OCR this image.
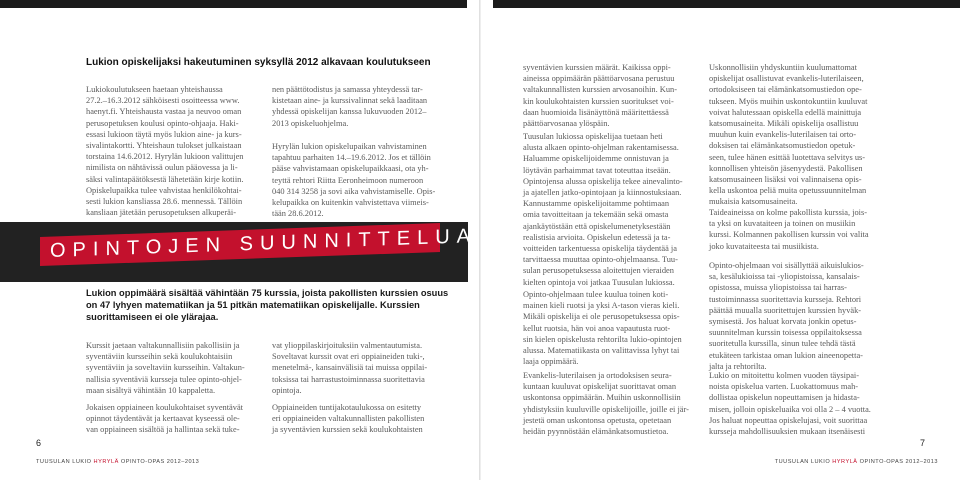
Lukion opiskelijaksi hakeutuminen syksyllä 2012 alkavaan koulutukseen
Lukiokoulutukseen haetaan yhteishaussa
27.2.–16.3.2012 sähköisesti osoitteessa www.
haenyt.fi. Yhteishausta vastaa ja neuvoo oman
perusopetuksen koulusi opinto-ohjaaja. Haki-
essasi lukioon täytä myös lukion aine- ja kurs-
sivalintakortti. Yhteishaun tulokset julkaistaan
torstaina 14.6.2012. Hyrylän lukioon valittujen
nimilista on nähtävissä oulun pääovessa ja li-
säksi valintapäätöksestä lähetetään kirje kotiin.
Opiskelupaikka tulee vahvistaa henkilökohtai-
sesti lukion kansliassa 28.6. mennessä. Tällöin
kansliaan jätetään perusopetuksen alkuperäi-
nen päättötodistus ja samassa yhteydessä tar-
kistetaan aine- ja kurssivalinnat sekä laaditaan
yhdessä opiskelijan kanssa lukuvuoden 2012–
2013 opiskeluohjelma.
Hyrylän lukion opiskelupaikan vahvistaminen
tapahtuu parhaiten 14.–19.6.2012. Jos et tällöin
pääse vahvistamaan opiskelupaikkaasi, ota yh-
teyttä rehtori Riitta Eeronheimoon numeroon
040 314 3258 ja sovi aika vahvistamiselle. Opis-
kelupaikka on kuitenkin vahvistettava viimeis-
tään 28.6.2012.
OPINTOJEN SUUNNITTELUA
Lukion oppimäärä sisältää vähintään 75 kurssia, joista pakollisten kurssien osuus
on 47 lyhyen matematiikan ja 51 pitkän matematiikan opiskelijalle. Kurssien
suorittamiseen ei ole ylärajaa.
Kurssit jaetaan valtakunnallisiin pakollisiin ja
syventäviin kursseihin sekä koulukohtaisiin
syventäviin ja soveltaviin kursseihin. Valtakun-
nallisia syventäviä kursseja tulee opinto-ohjel-
maan sisältyä vähintään 10 kappaletta.
Jokaisen oppiaineen koulukohtaiset syventävät
opinnot täydentävät ja kertaavat kyseessä ole-
van oppiaineen sisältöä ja hallintaa sekä tuke-
vat ylioppilaskirjoituksiin valmentautumista.
Soveltavat kurssit ovat eri oppiaineiden tuki-,
menetelmä-, kansainvälisiä tai muissa oppilai-
toksissa tai harrastustoiminnassa suoritettavia
opintoja.
Oppiaineiden tuntijakotaulukossa on esitetty
eri oppiaineiden valtakunnallisten pakollisten
ja syventävien kurssien sekä koulukohtaisten
6
TUUSULAN LUKIO HYRYLÄ OPINTO-OPAS 2012–2013
syventävien kurssien määrät. Kaikissa oppi-
aineissa oppimäärän päättöarvosana perustuu
valtakunnallisten kurssien arvosanoihin. Kun-
kin koulukohtaisten kurssien suoritukset voi-
daan huomioida lisänäyttönä määritettäessä
päättöarvosanaa ylöspäin.
Tuusulan lukiossa opiskelijaa tuetaan heti
alusta alkaen opinto-ohjelman rakentamisessa.
Haluamme opiskelijoidemme onnistuvan ja
löytävän parhaimmat tavat toteuttaa itseään.
Opintojensa alussa opiskelija tekee ainevalinto-
ja ajatellen jatko-opintojaan ja kiinnostuksiaan.
Kannustamme opiskelijoitamme pohtimaan
omia tavoitteitaan ja tekemään sekä omasta
ajankäytöstään että opiskelumenetyksestään
realistisia arvioita. Opiskelun edetessä ja ta-
voitteiden tarkentuessa opiskelija täydentää ja
tarvittaessa muuttaa opinto-ohjelmaansa. Tuu-
sulan perusopetuksessa aloitettujen vieraiden
kielten opintoja voi jatkaa Tuusulan lukiossa.
Opinto-ohjelmaan tulee kuulua toinen koti-
mainen kieli ruotsi ja yksi A-tason vieras kieli.
Mikäli opiskelija ei ole perusopetuksessa opis-
kellut ruotsia, hän voi anoa vapautusta ruot-
sin kielen opiskelusta rehtorilta lukio-opintojen
alussa. Matematiikasta on valittavissa lyhyt tai
laaja oppimäärä.
Evankelis-luterilaisen ja ortodoksisen seura-
kuntaan kuuluvat opiskelijat suorittavat oman
uskontonsa oppimäärän. Muihin uskonnollisiin
yhdistyksiin kuuluville opiskelijoille, joille ei jär-
jestetä oman uskontonsa opetusta, opetetaan
heidän pyynnöstään elämänkatsomustietoa.
Uskonnollisiin yhdyskuntiin kuulumattomat
opiskelijat osallistuvat evankelis-luterilaiseen,
ortodoksiseen tai elämänkatsomustiedon ope-
tukseen. Myös muihin uskontokuntiin kuuluvat
voivat halutessaan opiskella edellä mainittuja
katsomusaineita. Mikäli opiskelija osallistuu
muuhun kuin evankelis-luterilaisen tai orto-
doksisen tai elämänkatsomustiedon opetuk-
seen, tulee hänen esittää luotettava selvitys us-
konnollisen yhteisön jäsenyydestä. Pakollisen
katsomusaineen lisäksi voi valinnaisena opis-
kella uskontoa peliä muita opetussuunnitelman
mukaisia katsomusaineita.
Taideaineissa on kolme pakollista kurssia, jois-
ta yksi on kuvataiteen ja toinen on musiikin
kurssi. Kolmannen pakollisen kurssin voi valita
joko kuvataiteesta tai musiikista.
Opinto-ohjelmaan voi sisällyttää aikuislukios-
sa, kesälukioissa tai -yliopistoissa, kansalais-
opistossa, muissa yliopistoissa tai harras-
tustoiminnassa suoritettavia kursseja. Rehtori
päättää muualla suoritettujen kurssien hyväk-
symisestä. Jos haluat korvata jonkin opetus-
suunnitelman kurssin toisessa oppilaitoksessa
suoritetulla kurssilla, sinun tulee tehdä tästä
etukäteen tarkistaa oman lukion aineenopetta-
jalta ja rehtorilta.
Lukio on mitoitettu kolmen vuoden täysipai-
noista opiskelua varten. Luokattomuus mah-
dollistaa opiskelun nopeuttamisen ja hidasta-
misen, jolloin opiskeluaika voi olla 2 – 4 vuotta.
Jos haluat nopeuttaa opiskelujasi, voit suorittaa
kursseja mahdollisuuksien mukaan itsenäisesti
7
TUUSULAN LUKIO HYRYLÄ OPINTO-OPAS 2012–2013
